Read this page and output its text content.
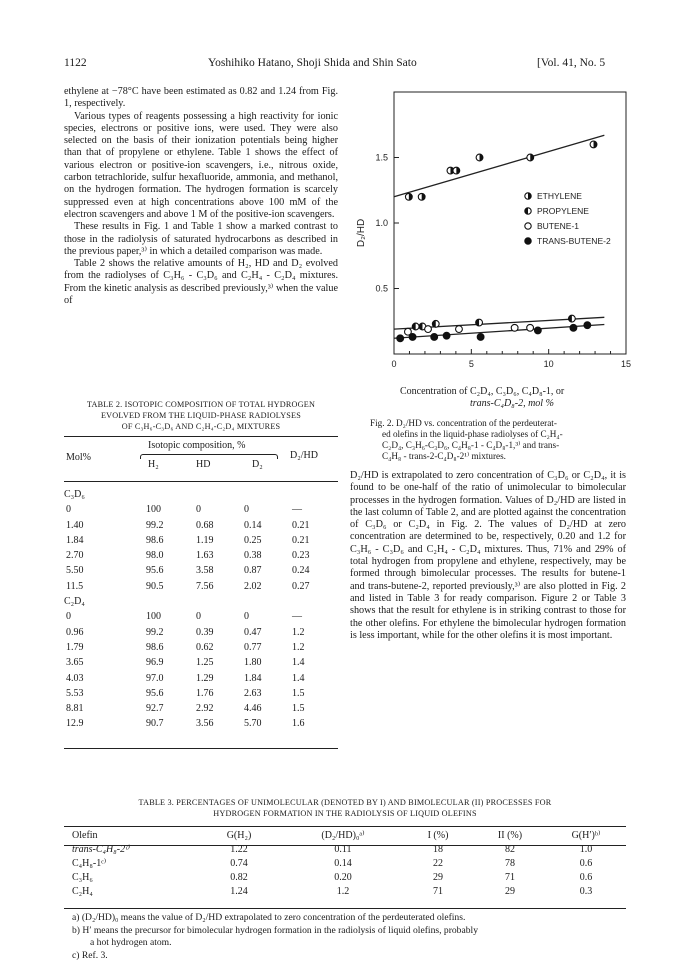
1122	Yoshihiko Hatano, Shoji Shida and Shin Sato	[Vol. 41, No. 5

ethylene at −78°C have been estimated as 0.82 and 1.24 from Fig. 1, respectively.

Various types of reagents possessing a high reactivity for ionic species, electrons or positive ions, were used. They were also selected on the basis of their ionization potentials being higher than that of propylene or ethylene. Table 1 shows the effect of various electron or positive-ion scavengers, i.e., nitrous oxide, carbon tetrachloride, sulfur hexafluoride, ammonia, and methanol, on the hydrogen formation. The hydrogen formation is scarcely suppressed even at high concentrations above 100 mM of the electron scavengers and above 1 M of the positive-ion scavengers.

These results in Fig. 1 and Table 1 show a marked contrast to those in the radiolysis of saturated hydrocarbons as described in the previous paper,³⁾ in which a detailed comparison was made.

Table 2 shows the relative amounts of H₂, HD and D₂ evolved from the radiolyses of C₃H₆ - C₃D₆ and C₂H₄ - C₂D₄ mixtures. From the kinetic analysis as described previously,³⁾ when the value of

TABLE 2. ISOTOPIC COMPOSITION OF TOTAL HYDROGEN
EVOLVED FROM THE LIQUID-PHASE RADIOLYSES
OF C₃H₆-C₃D₆ AND C₂H₄-C₂D₄ MIXTURES
Mol%
Isotopic composition, %
H₂	HD	D₂
D₂/HD
C₃D₆				
0	100	0	0	—
1.40	99.2	0.68	0.14	0.21
1.84	98.6	1.19	0.25	0.21
2.70	98.0	1.63	0.38	0.23
5.50	95.6	3.58	0.87	0.24
11.5	90.5	7.56	2.02	0.27
C₂D₄				
0	100	0	0	—
0.96	99.2	0.39	0.47	1.2
1.79	98.6	0.62	0.77	1.2
3.65	96.9	1.25	1.80	1.4
4.03	97.0	1.29	1.84	1.4
5.53	95.6	1.76	2.63	1.5
8.81	92.7	2.92	4.46	1.5
12.9	90.7	3.56	5.70	1.6
0	5	10	15
0.5
1.0
1.5
D₂/HD
ETHYLENE
PROPYLENE
BUTENE-1
TRANS-BUTENE-2
Concentration of C₂D₄, C₃D₆, C₄D₈-1, or
trans-C₄D₈-2, mol %
Fig. 2. D₂/HD vs. concentration of the perdeuterat-
ed olefins in the liquid-phase radiolyses of C₂H₄-
C₂D₄, C₃H₆-C₃D₆, C₄H₈-1 - C₄D₈-1,³⁾ and trans-
C₄H₈ - trans-2-C₄D₈-2¹⁾ mixtures.

D₂/HD is extrapolated to zero concentration of C₃D₆ or C₂D₄, it is found to be one-half of the ratio of unimolecular to bimolecular processes in the hydrogen formation. Values of D₂/HD are listed in the last column of Table 2, and are plotted against the concentration of C₃D₆ or C₂D₄ in Fig. 2. The values of D₂/HD at zero concentration are determined to be, respectively, 0.20 and 1.2 for C₃H₆ - C₃D₆ and C₂H₄ - C₂D₄ mixtures. Thus, 71% and 29% of total hydrogen from propylene and ethylene, respectively, may be formed through bimolecular processes. The results for butene-1 and trans-butene-2, reported previously,³⁾ are also plotted in Fig. 2 and listed in Table 3 for ready comparison. Figure 2 or Table 3 shows that the result for ethylene is in striking contrast to those for the other olefins. For ethylene the bimolecular hydrogen formation is less important, while for the other olefins it is most important.

TABLE 3. PERCENTAGES OF UNIMOLECULAR (DENOTED BY I) AND BIMOLECULAR (II) PROCESSES FOR
HYDROGEN FORMATION IN THE RADIOLYSIS OF LIQUID OLEFINS
Olefin	G(H₂)	(D₂/HD)₀ᵃ⁾	I (%)	II (%)	G(H′)ᵇ⁾
trans-C₄H₈-2ᶜ⁾	1.22	0.11	18	82	1.0
C₄H₈-1ᶜ⁾	0.74	0.14	22	78	0.6
C₃H₆	0.82	0.20	29	71	0.6
C₂H₄	1.24	1.2	71	29	0.3
a) (D₂/HD)₀ means the value of D₂/HD extrapolated to zero concentration of the perdeuterated olefins.
b) H′ means the precursor for bimolecular hydrogen formation in the radiolysis of liquid olefins, probably
a hot hydrogen atom.
c) Ref. 3.
